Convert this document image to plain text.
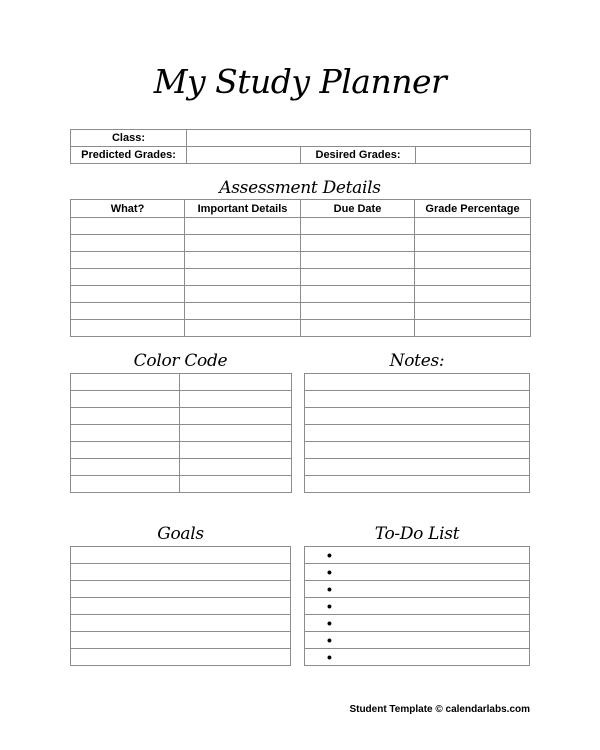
My Study Planner
Class:			
Predicted Grades:		Desired Grades:	
Assessment Details
What?	Important Details	Due Date	Grade Percentage

Color Code

		Notes:

Goals	To-Do List
•
•
•
•
•
•
•
Student Template © calendarlabs.com
